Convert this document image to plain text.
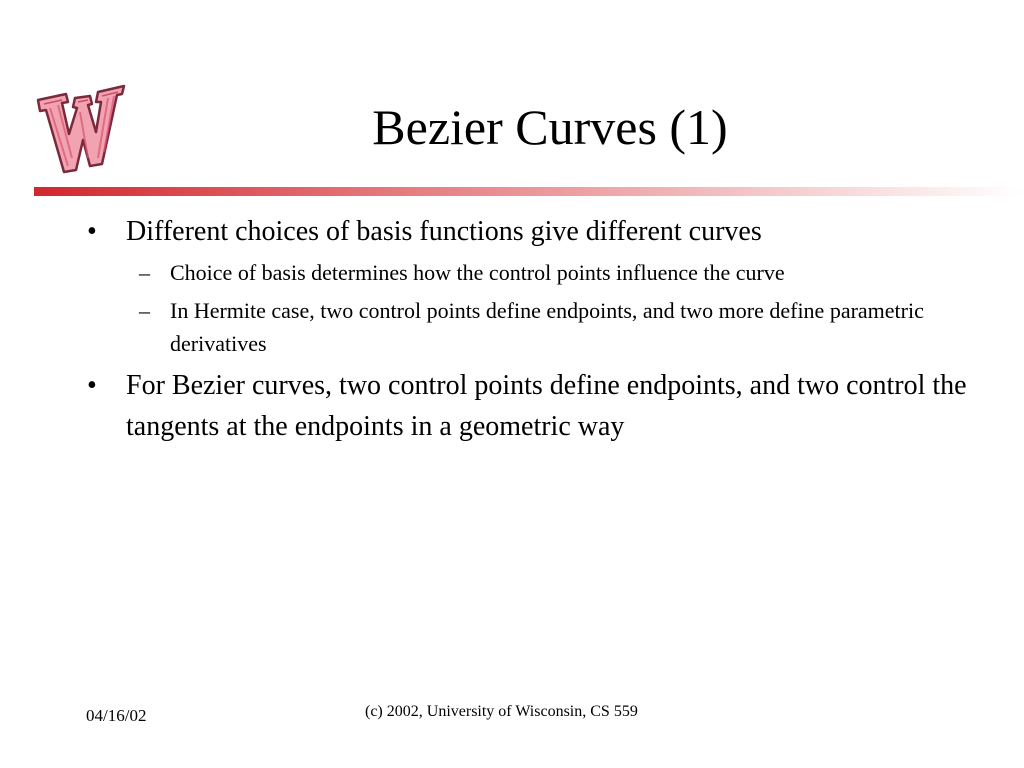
Bezier Curves (1)
• Different choices of basis functions give different curves
– Choice of basis determines how the control points influence the curve
– In Hermite case, two control points define endpoints, and two more define parametric derivatives
• For Bezier curves, two control points define endpoints, and two control the tangents at the endpoints in a geometric way
04/16/02	(c) 2002, University of Wisconsin, CS 559
